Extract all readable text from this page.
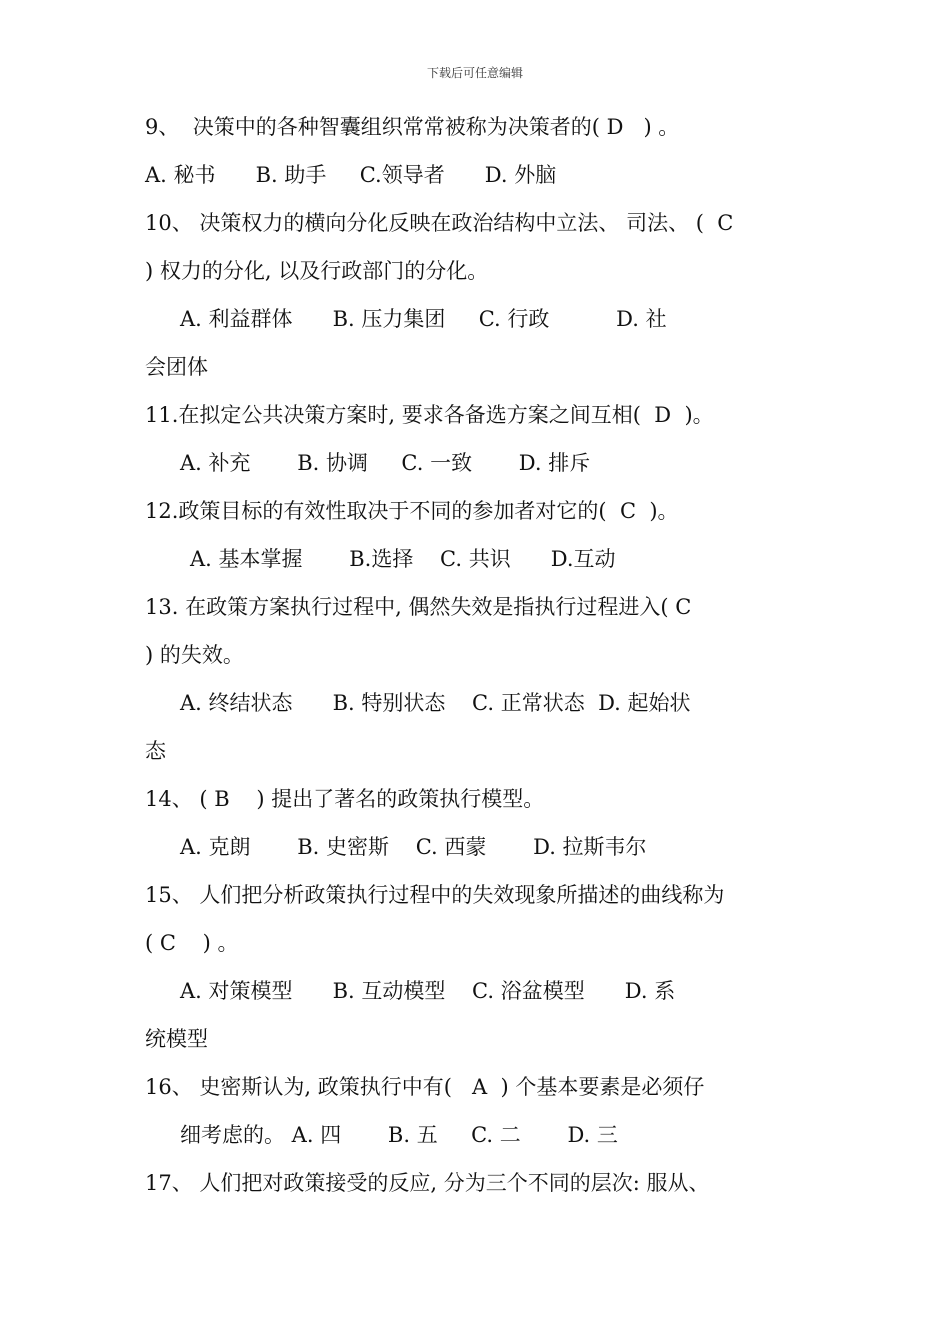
下载后可任意编辑
9、  决策中的各种智囊组织常常被称为决策者的( D   ) 。
A. 秘书      B. 助手     C.领导者      D. 外脑
10、 决策权力的横向分化反映在政治结构中立法、 司法、 (  C
) 权力的分化, 以及行政部门的分化。
A. 利益群体      B. 压力集团     C. 行政          D. 社
会团体
11.在拟定公共决策方案时, 要求各备选方案之间互相(  D  )。
A. 补充       B. 协调     C. 一致       D. 排斥
12.政策目标的有效性取决于不同的参加者对它的(  C  )。
A. 基本掌握       B.选择    C. 共识      D.互动
13. 在政策方案执行过程中, 偶然失效是指执行过程进入( C
) 的失效。
A. 终结状态      B. 特别状态    C. 正常状态  D. 起始状
态
14、 ( B    ) 提出了著名的政策执行模型。
A. 克朗       B. 史密斯    C. 西蒙       D. 拉斯韦尔
15、 人们把分析政策执行过程中的失效现象所描述的曲线称为
( C    ) 。
A. 对策模型      B. 互动模型    C. 浴盆模型      D. 系
统模型
16、 史密斯认为, 政策执行中有(   A  ) 个基本要素是必须仔
细考虑的。 A. 四       B. 五     C. 二       D. 三
17、 人们把对政策接受的反应, 分为三个不同的层次: 服从、
